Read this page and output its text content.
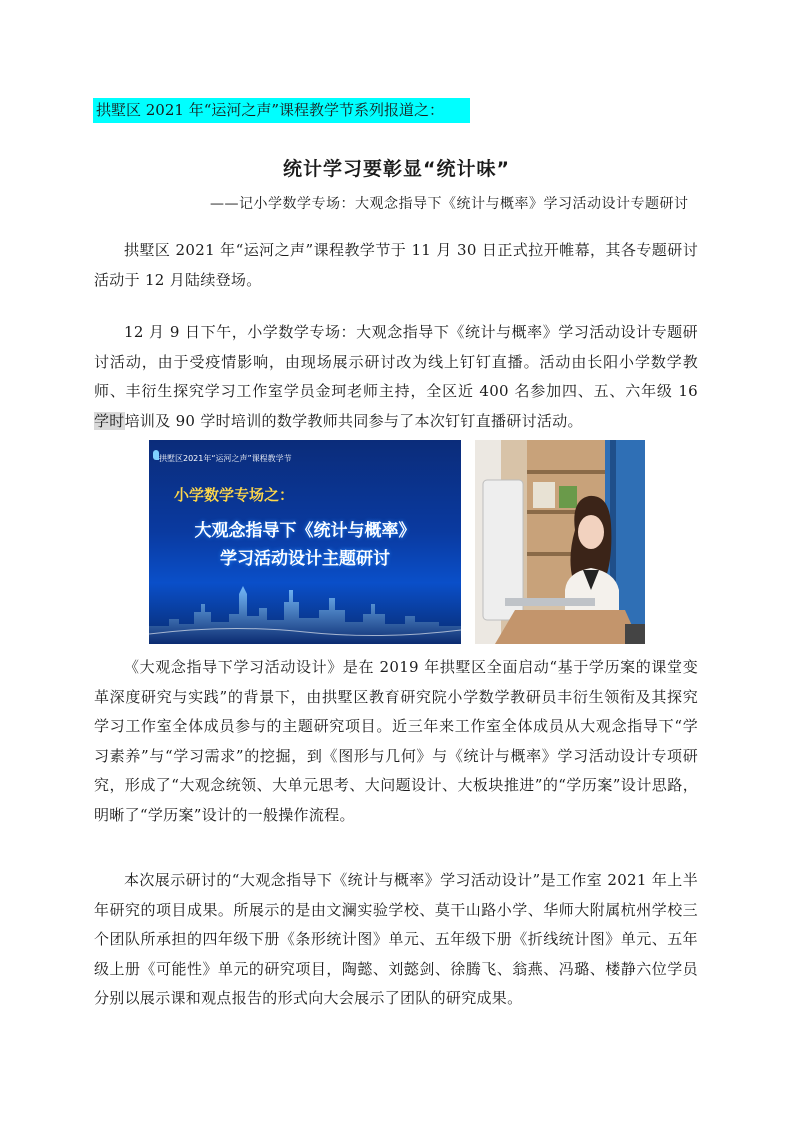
拱墅区 2021 年“运河之声”课程教学节系列报道之：
统计学习要彰显“统计味”
——记小学数学专场：大观念指导下《统计与概率》学习活动设计专题研讨

拱墅区 2021 年“运河之声”课程教学节于 11 月 30 日正式拉开帷幕，其各专题研讨活动于 12 月陆续登场。

12 月 9 日下午，小学数学专场：大观念指导下《统计与概率》学习活动设计专题研讨活动，由于受疫情影响，由现场展示研讨改为线上钉钉直播。活动由长阳小学数学教师、丰衍生探究学习工作室学员金珂老师主持，全区近 400 名参加四、五、六年级 16 学时培训及 90 学时培训的数学教师共同参与了本次钉钉直播研讨活动。

拱墅区2021年“运河之声”课程教学节
小学数学专场之：
大观念指导下《统计与概率》
学习活动设计主题研讨

《大观念指导下学习活动设计》是在 2019 年拱墅区全面启动“基于学历案的课堂变革深度研究与实践”的背景下，由拱墅区教育研究院小学数学教研员丰衍生领衔及其探究学习工作室全体成员参与的主题研究项目。近三年来工作室全体成员从大观念指导下“学习素养”与“学习需求”的挖掘，到《图形与几何》与《统计与概率》学习活动设计专项研究，形成了“大观念统领、大单元思考、大问题设计、大板块推进”的“学历案”设计思路，明晰了“学历案”设计的一般操作流程。

本次展示研讨的“大观念指导下《统计与概率》学习活动设计”是工作室 2021 年上半年研究的项目成果。所展示的是由文澜实验学校、莫干山路小学、华师大附属杭州学校三个团队所承担的四年级下册《条形统计图》单元、五年级下册《折线统计图》单元、五年级上册《可能性》单元的研究项目，陶懿、刘懿剑、徐腾飞、翁燕、冯璐、楼静六位学员分别以展示课和观点报告的形式向大会展示了团队的研究成果。
